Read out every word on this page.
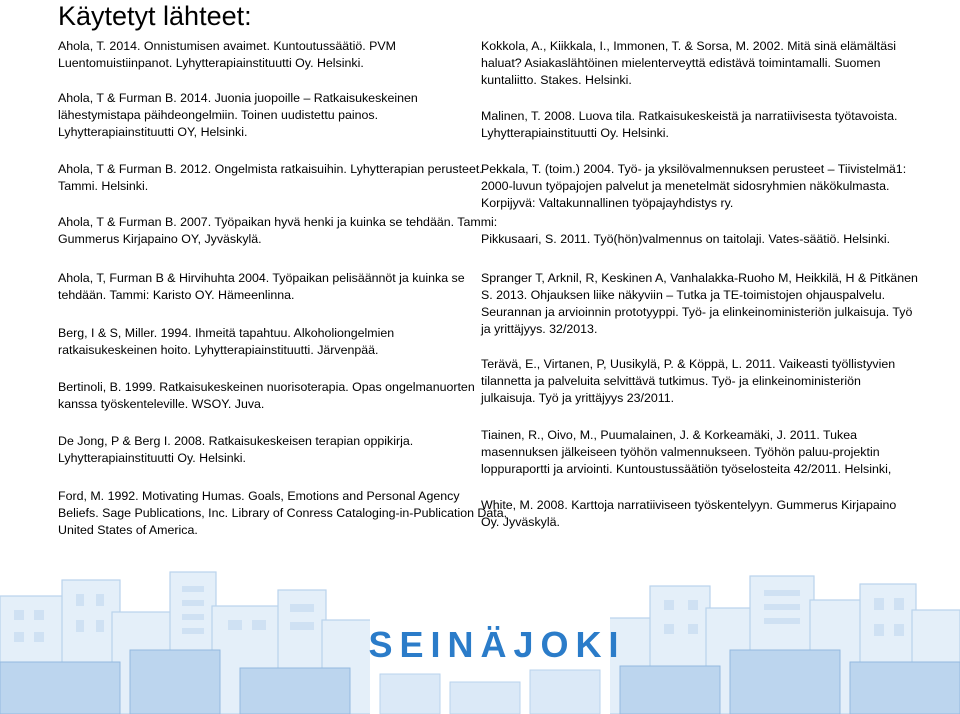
Käytetyt lähteet:
Ahola, T. 2014. Onnistumisen avaimet. Kuntoutussäätiö. PVM
Luentomuistiinpanot. Lyhytterapiainstituutti Oy. Helsinki.
Ahola, T & Furman B. 2014. Juonia juopoille – Ratkaisukeskeinen
lähestymistapa päihdeongelmiin. Toinen uudistettu painos.
Lyhytterapiainstituutti OY, Helsinki.
Ahola, T & Furman B. 2012. Ongelmista ratkaisuihin. Lyhytterapian perusteet.
Tammi. Helsinki.
Ahola, T & Furman B. 2007. Työpaikan hyvä henki ja kuinka se tehdään. Tammi:
Gummerus Kirjapaino OY, Jyväskylä.
Ahola, T, Furman B & Hirvihuhta 2004. Työpaikan pelisäännöt ja kuinka se
tehdään. Tammi: Karisto OY. Hämeenlinna.
Berg, I & S, Miller. 1994. Ihmeitä tapahtuu. Alkoholiongelmien
ratkaisukeskeinen hoito. Lyhytterapiainstituutti. Järvenpää.
Bertinoli, B. 1999. Ratkaisukeskeinen nuorisoterapia. Opas ongelmanuorten
kanssa työskenteleville. WSOY. Juva.
De Jong, P & Berg I. 2008. Ratkaisukeskeisen terapian oppikirja.
Lyhytterapiainstituutti Oy. Helsinki.
Ford, M. 1992. Motivating Humas. Goals, Emotions and Personal Agency
Beliefs. Sage Publications, Inc. Library of Conress Cataloging-in-Publication Data.
United States of America.
Kokkola, A., Kiikkala, I., Immonen, T. & Sorsa, M. 2002. Mitä sinä elämältäsi
haluat? Asiakaslähtöinen mielenterveyttä edistävä toimintamalli. Suomen
kuntaliitto. Stakes. Helsinki.
Malinen, T. 2008. Luova tila. Ratkaisukeskeistä ja narratiivisesta työtavoista.
Lyhytterapiainstituutti Oy. Helsinki.
Pekkala, T. (toim.) 2004. Työ- ja yksilövalmennuksen perusteet – Tiivistelmä1:
2000-luvun työpajojen palvelut ja menetelmät sidosryhmien näkökulmasta.
Korpijyvä: Valtakunnallinen työpajayhdistys ry.
Pikkusaari, S. 2011. Työ(hön)valmennus on taitolaji. Vates-säätiö. Helsinki.
Spranger T, Arknil, R, Keskinen A, Vanhalakka-Ruoho M, Heikkilä, H & Pitkänen
S. 2013. Ohjauksen liike näkyviin – Tutka ja TE-toimistojen ohjauspalvelu.
Seurannan ja arvioinnin prototyyppi. Työ- ja elinkeinoministeriön julkaisuja. Työ
ja yrittäjyys. 32/2013.
Terävä, E., Virtanen, P, Uusikylä, P. & Köppä, L. 2011. Vaikeasti työllistyvien
tilannetta ja palveluita selvittävä tutkimus. Työ- ja elinkeinoministeriön
julkaisuja. Työ ja yrittäjyys 23/2011.
Tiainen, R., Oivo, M., Puumalainen, J. & Korkeamäki, J. 2011. Tukea
masennuksen jälkeiseen työhön valmennukseen. Työhön paluu-projektin
loppuraportti ja arviointi. Kuntoustussäätiön työselosteita 42/2011. Helsinki,
White, M. 2008. Karttoja narratiiviseen työskentelyyn. Gummerus Kirjapaino
Oy. Jyväskylä.
SEINÄJOKI
